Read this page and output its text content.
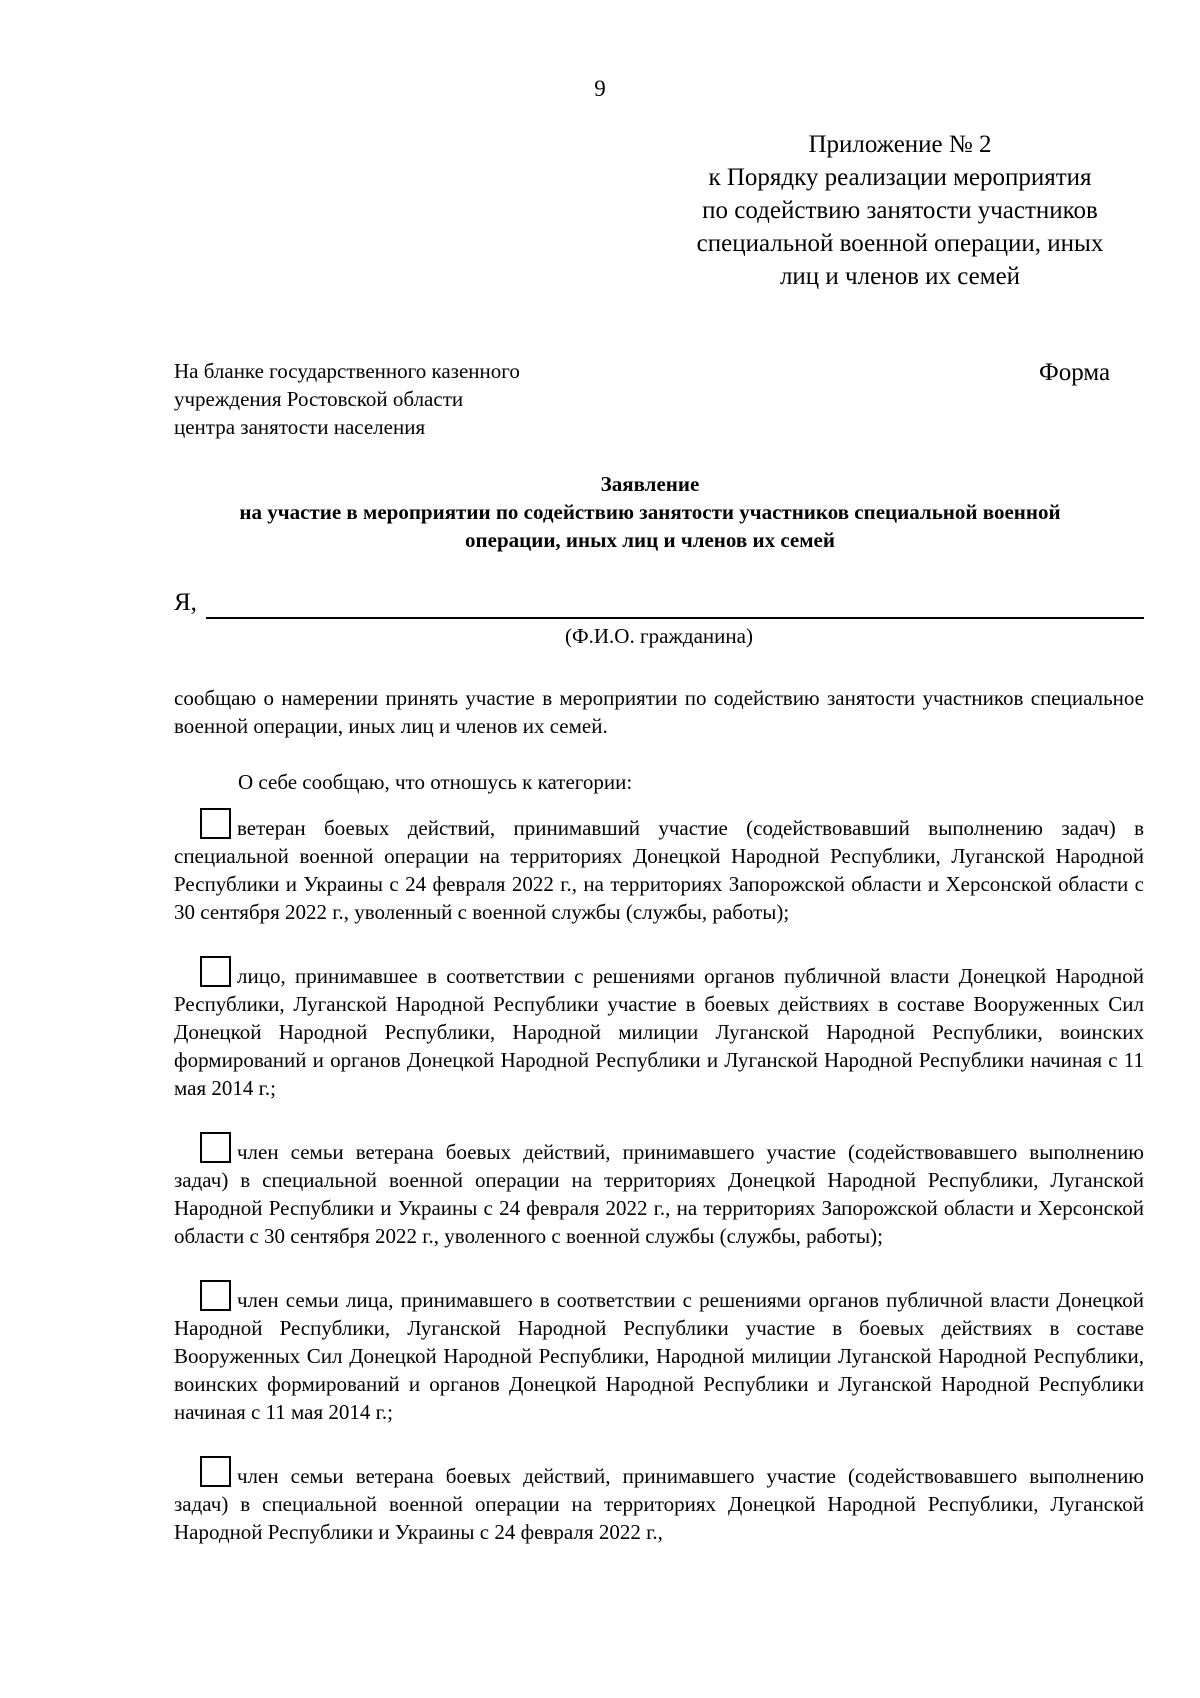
9
Приложение № 2
к Порядку реализации мероприятия
по содействию занятости участников
специальной военной операции, иных
лиц и членов их семей
На бланке государственного казенного
учреждения Ростовской области
центра занятости населения
Форма
Заявление
на участие в мероприятии по содействию занятости участников специальной военной
операции, иных лиц и членов их семей
Я,
(Ф.И.О. гражданина)
сообщаю о намерении принять участие в мероприятии по содействию занятости участников специальное военной операции, иных лиц и членов их семей.
О себе сообщаю, что отношусь к категории:
ветеран боевых действий, принимавший участие (содействовавший выполнению задач) в специальной военной операции на территориях Донецкой Народной Республики, Луганской Народной Республики и Украины с 24 февраля 2022 г., на территориях Запорожской области и Херсонской области с 30 сентября 2022 г., уволенный с военной службы (службы, работы);
лицо, принимавшее в соответствии с решениями органов публичной власти Донецкой Народной Республики, Луганской Народной Республики участие в боевых действиях в составе Вооруженных Сил Донецкой Народной Республики, Народной милиции Луганской Народной Республики, воинских формирований и органов Донецкой Народной Республики и Луганской Народной Республики начиная с 11 мая 2014 г.;
член семьи ветерана боевых действий, принимавшего участие (содействовавшего выполнению задач) в специальной военной операции на территориях Донецкой Народной Республики, Луганской Народной Республики и Украины с 24 февраля 2022 г., на территориях Запорожской области и Херсонской области с 30 сентября 2022 г., уволенного с военной службы (службы, работы);
член семьи лица, принимавшего в соответствии с решениями органов публичной власти Донецкой Народной Республики, Луганской Народной Республики участие в боевых действиях в составе Вооруженных Сил Донецкой Народной Республики, Народной милиции Луганской Народной Республики, воинских формирований и органов Донецкой Народной Республики и Луганской Народной Республики начиная с 11 мая 2014 г.;
член семьи ветерана боевых действий, принимавшего участие (содействовавшего выполнению задач) в специальной военной операции на территориях Донецкой Народной Республики, Луганской Народной Республики и Украины с 24 февраля 2022 г.,
